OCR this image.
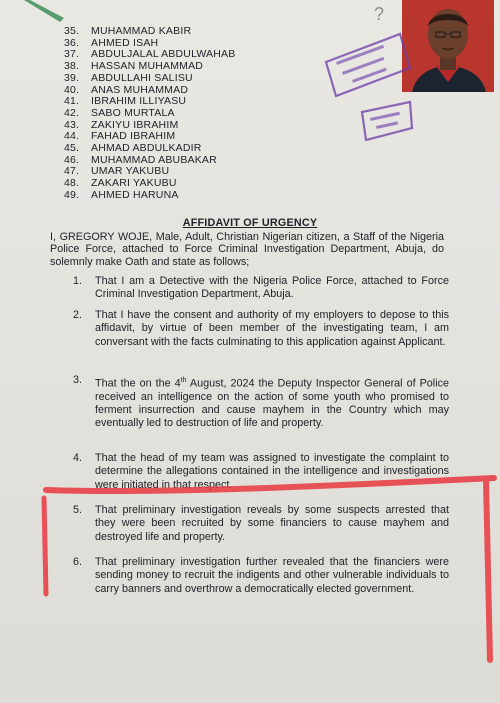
?
35.	MUHAMMAD KABIR
36.	AHMED ISAH
37.	ABDULJALAL ABDULWAHAB
38.	HASSAN MUHAMMAD
39.	ABDULLAHI SALISU
40.	ANAS MUHAMMAD
41.	IBRAHIM ILLIYASU
42.	SABO MURTALA
43.	ZAKIYU IBRAHIM
44.	FAHAD IBRAHIM
45.	AHMAD ABDULKADIR
46.	MUHAMMAD ABUBAKAR
47.	UMAR YAKUBU
48.	ZAKARI YAKUBU
49.	AHMED HARUNA
AFFIDAVIT OF URGENCY
I, GREGORY WOJE, Male, Adult, Christian Nigerian citizen, a Staff of the Nigeria Police Force, attached to Force Criminal Investigation Department, Abuja, do solemnly make Oath and state as follows;
1. That I am a Detective with the Nigeria Police Force, attached to Force Criminal Investigation Department, Abuja.
2. That I have the consent and authority of my employers to depose to this affidavit, by virtue of been member of the investigating team, I am conversant with the facts culminating to this application against Applicant.
3. That the on the 4th August, 2024 the Deputy Inspector General of Police received an intelligence on the action of some youth who promised to ferment insurrection and cause mayhem in the Country which may eventually led to destruction of life and property.
4. That the head of my team was assigned to investigate the complaint to determine the allegations contained in the intelligence and investigations were initiated in that respect.
5. That preliminary investigation reveals by some suspects arrested that they were been recruited by some financiers to cause mayhem and destroyed life and property.
6. That preliminary investigation further revealed that the financiers were sending money to recruit the indigents and other vulnerable individuals to carry banners and overthrow a democratically elected government.
